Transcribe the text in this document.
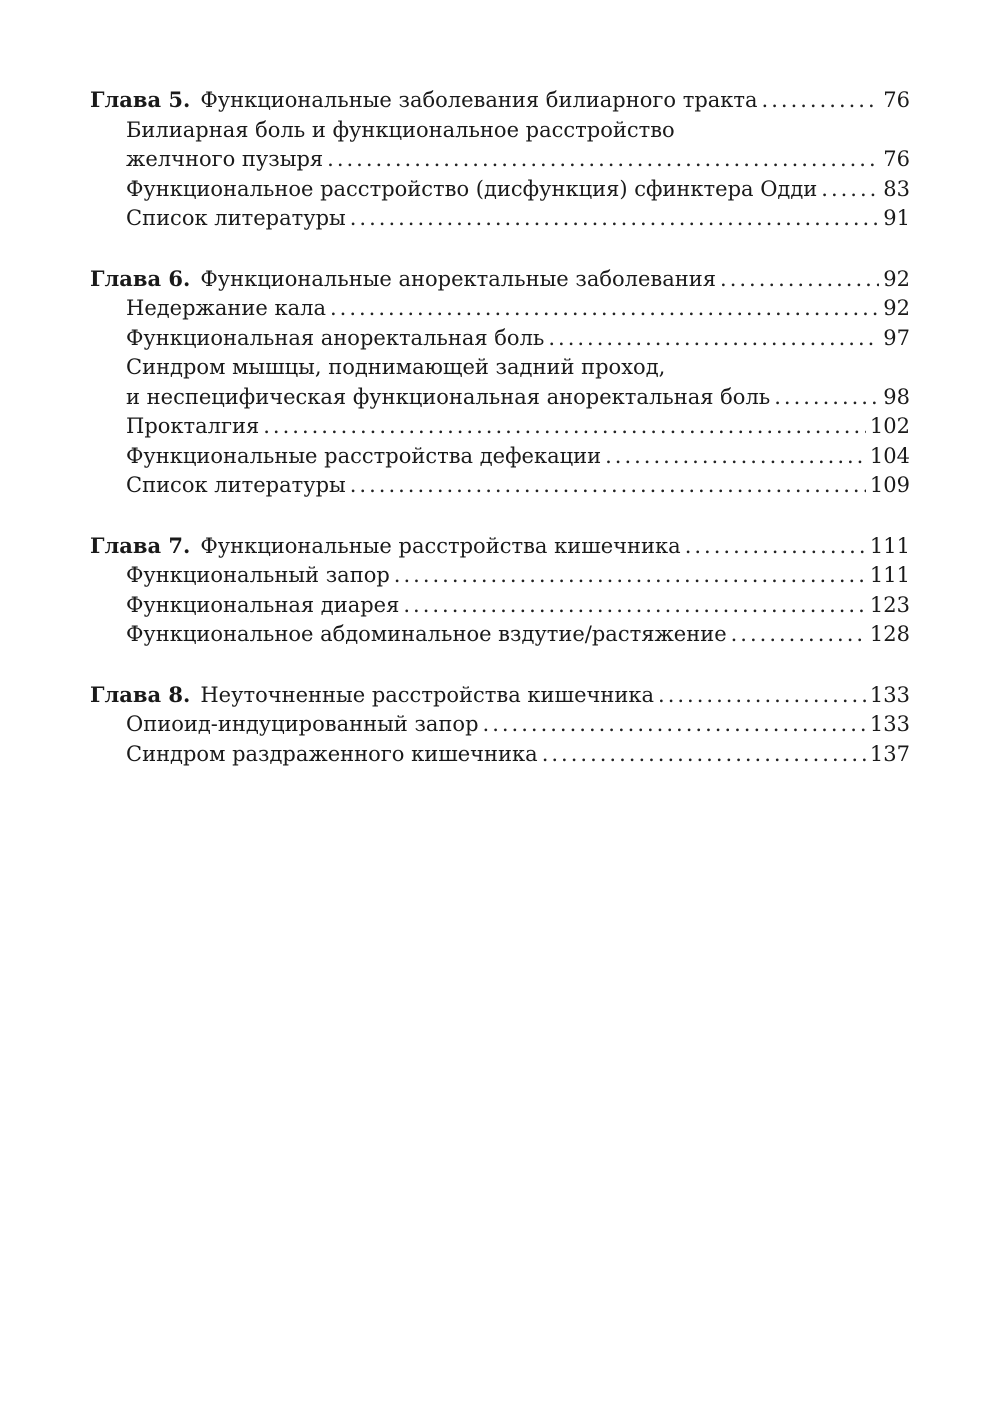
Глава 5. Функциональные заболевания билиарного тракта .....	76
Билиарная боль и функциональное расстройство
желчного пузыря .....	76
Функциональное расстройство (дисфункция) сфинктера Одди .....	83
Список литературы .....	91
Глава 6. Функциональные аноректальные заболевания .....	92
Недержание кала .....	92
Функциональная аноректальная боль .....	97
Синдром мышцы, поднимающей задний проход,
и неспецифическая функциональная аноректальная боль .....	98
Прокталгия .....	102
Функциональные расстройства дефекации .....	104
Список литературы .....	109
Глава 7. Функциональные расстройства кишечника .....	111
Функциональный запор .....	111
Функциональная диарея .....	123
Функциональное абдоминальное вздутие/растяжение .....	128
Глава 8. Неуточненные расстройства кишечника .....	133
Опиоид-индуцированный запор .....	133
Синдром раздраженного кишечника .....	137
